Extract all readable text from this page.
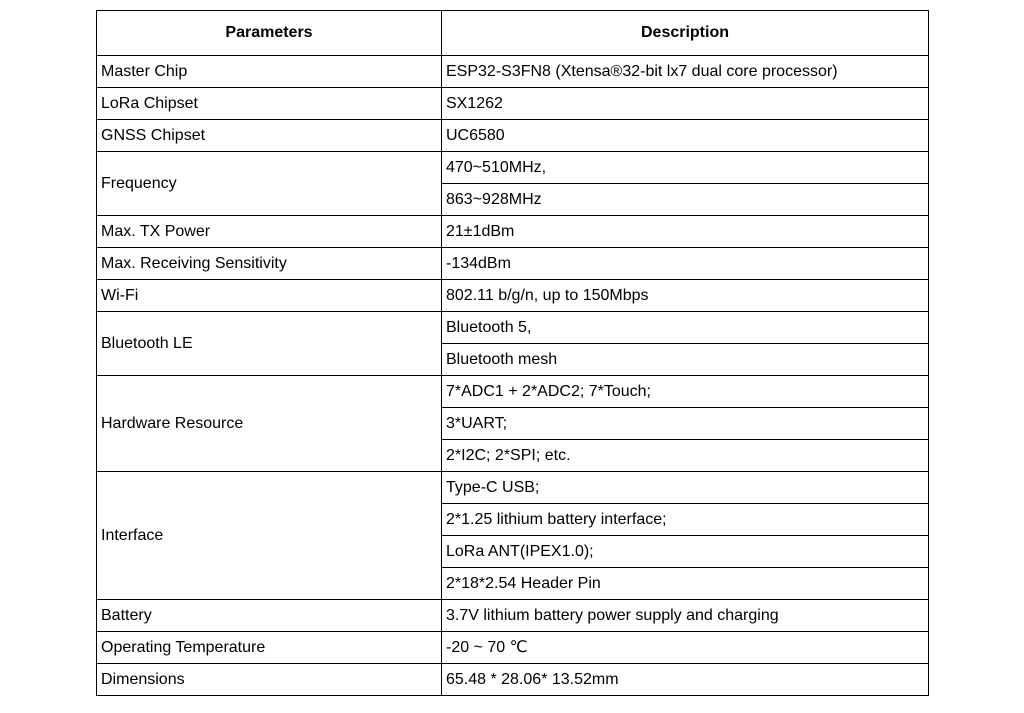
Parameters	Description
Master Chip	ESP32-S3FN8 (Xtensa®32-bit lx7 dual core processor)
LoRa Chipset	SX1262
GNSS Chipset	UC6580
Frequency	470~510MHz,
	863~928MHz
Max. TX Power	21±1dBm
Max. Receiving Sensitivity	-134dBm
Wi-Fi	802.11 b/g/n, up to 150Mbps
Bluetooth LE	Bluetooth 5,
	Bluetooth mesh
Hardware Resource	7*ADC1 + 2*ADC2; 7*Touch;
	3*UART;
	2*I2C; 2*SPI; etc.
Interface	Type-C USB;
	2*1.25 lithium battery interface;
	LoRa ANT(IPEX1.0);
	2*18*2.54 Header Pin
Battery	3.7V lithium battery power supply and charging
Operating Temperature	-20 ~ 70 ℃
Dimensions	65.48 * 28.06* 13.52mm
